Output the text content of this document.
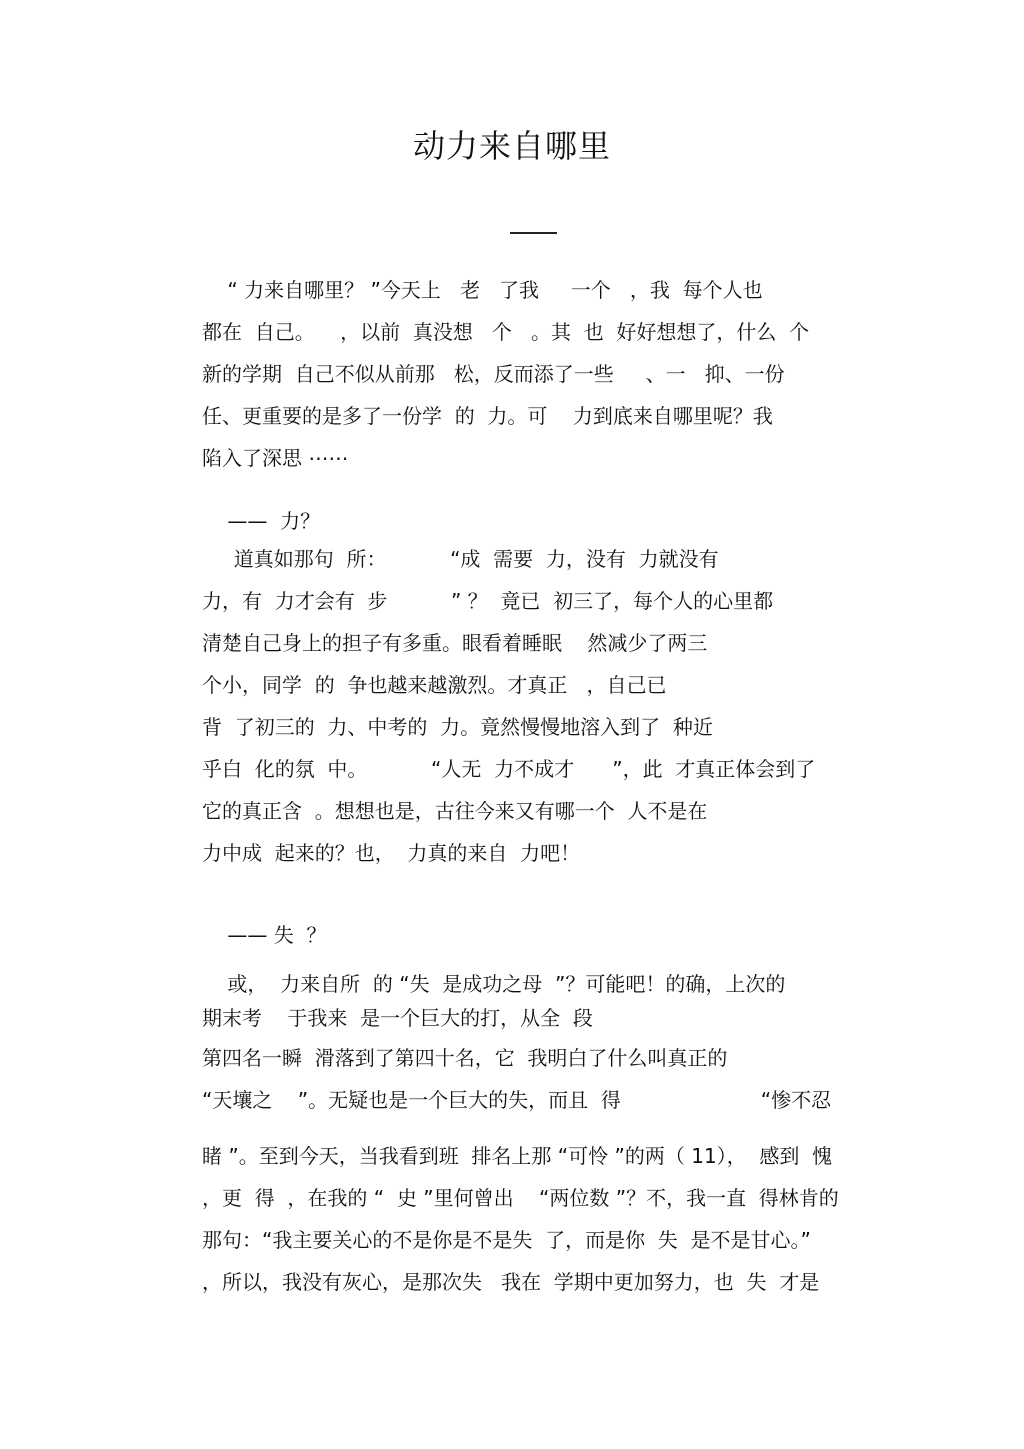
动力来自哪里
“ 力来自哪里？ ”今天上   老   了我     一个   ，我  每个人也
都在  自己。    ，以前  真没想   个   。其  也  好好想想了，什么  个
新的学期  自己不似从前那   松，反而添了一些     、一   抑、一份
任、更重要的是多了一份学  的  力。可    力到底来自哪里呢？我
陷入了深思 ⋯⋯
——  力？
道真如那句  所：          “成  需要  力，没有  力就没有
力，有  力才会有  步          ” ？  竟已  初三了，每个人的心里都
清楚自己身上的担子有多重。眼看着睡眠    然减少了两三
个小，同学  的  争也越来越激烈。才真正   ，自己已
背  了初三的  力、中考的  力。竟然慢慢地溶入到了  种近
乎白  化的氛  中。          “人无  力不成才      ”，此  才真正体会到了
它的真正含  。想想也是，古往今来又有哪一个  人不是在
力中成  起来的？也，  力真的来自  力吧！
—— 失  ？
或，  力来自所  的 “失  是成功之母  ”？可能吧！的确，上次的
期末考    于我来  是一个巨大的打，从全  段
第四名一瞬  滑落到了第四十名，它  我明白了什么叫真正的
“天壤之    ”。无疑也是一个巨大的失，而且  得                      “惨不忍
睹 ”。至到今天，当我看到班  排名上那 “可怜 ”的两（ 11），  感到  愧
，更  得  ，在我的 “  史 ”里何曾出    “两位数 ”？不，我一直  得林肯的
那句：“我主要关心的不是你是不是失  了，而是你  失  是不是甘心。”
，所以，我没有灰心，是那次失   我在  学期中更加努力，也  失  才是
